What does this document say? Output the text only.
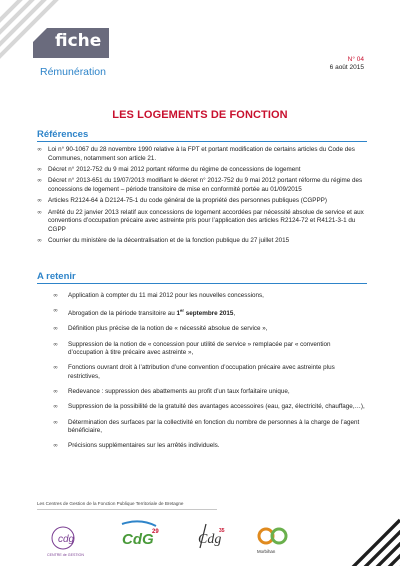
fiche
Rémunération
N° 04
6 août 2015
LES LOGEMENTS DE FONCTION
Références
∞ Loi n° 90-1067 du 28 novembre 1990 relative à la FPT et portant modification de certains articles du Code des Communes, notamment son article 21.
∞ Décret n° 2012-752 du 9 mai 2012 portant réforme du régime de concessions de logement
∞ Décret n° 2013-651 du 19/07/2013 modifiant le décret n° 2012-752 du 9 mai 2012 portant réforme du régime des concessions de logement – période transitoire de mise en conformité portée au 01/09/2015
∞ Articles R2124-64 à D2124-75-1 du code général de la propriété des personnes publiques (CGPPP)
∞ Arrêté du 22 janvier 2013 relatif aux concessions de logement accordées par nécessité absolue de service et aux conventions d’occupation précaire avec astreinte pris pour l’application des articles R2124-72 et R4121-3-1 du CGPP
∞ Courrier du ministère de la décentralisation et de la fonction publique du 27 juillet 2015
A retenir
∞ Application à compter du 11 mai 2012 pour les nouvelles concessions,
∞ Abrogation de la période transitoire au 1er septembre 2015,
∞ Définition plus précise de la notion de « nécessité absolue de service »,
∞ Suppression de la notion de « concession pour utilité de service » remplacée par « convention d’occupation à titre précaire avec astreinte »,
∞ Fonctions ouvrant droit à l’attribution d’une convention d’occupation précaire avec astreinte plus restrictives,
∞ Redevance : suppression des abattements au profit d’un taux forfaitaire unique,
∞ Suppression de la possibilité de la gratuité des avantages accessoires (eau, gaz, électricité, chauffage,…),
∞ Détermination des surfaces par la collectivité en fonction du nombre de personnes à la charge de l’agent bénéficiaire,
∞ Précisions supplémentaires sur les arrêtés individuels.
Les Centres de Gestion de la Fonction Publique Territoriale de Bretagne
cdg
CENTRE de GESTION
CdG
29	Cdg
35
Morbihan
